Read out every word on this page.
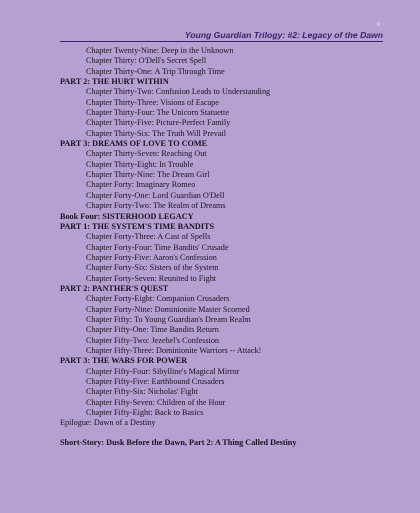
≡
Young Guardian Trilogy: #2: Legacy of the Dawn
Chapter Twenty-Nine: Deep in the Unknown
Chapter Thirty: O'Dell's Secret Spell
Chapter Thirty-One: A Trip Through Time
PART 2: THE HURT WITHIN
Chapter Thirty-Two: Confusion Leads to Understanding
Chapter Thirty-Three: Visions of Escape
Chapter Thirty-Four: The Unicorn Statuette
Chapter Thirty-Five: Picture-Perfect Family
Chapter Thirty-Six: The Truth Will Prevail
PART 3: DREAMS OF LOVE TO COME
Chapter Thirty-Seven: Reaching Out
Chapter Thirty-Eight: In Trouble
Chapter Thirty-Nine: The Dream Girl
Chapter Forty: Imaginary Romeo
Chapter Forty-One: Lord Guardian O'Dell
Chapter Forty-Two: The Realm of Dreams
Book Four: SISTERHOOD LEGACY
PART 1: THE SYSTEM'S TIME BANDITS
Chapter Forty-Three: A Cast of Spells
Chapter Forty-Four: Time Bandits' Crusade
Chapter Forty-Five: Aaron's Confession
Chapter Forty-Six: Sisters of the System
Chapter Forty-Seven: Reunited to Fight
PART 2: PANTHER'S QUEST
Chapter Forty-Eight: Companion Crusaders
Chapter Forty-Nine: Dominionite Master Scorned
Chapter Fifty: To Young Guardian's Dream Realm
Chapter Fifty-One: Time Bandits Return
Chapter Fifty-Two: Jezebel's Confession
Chapter Fifty-Three: Dominionite Warriors -- Attack!
PART 3: THE WARS FOR POWER
Chapter Fifty-Four: Sibylline's Magical Mirror
Chapter Fifty-Five: Earthbound Crusaders
Chapter Fifty-Six: Nicholas' Fight
Chapter Fifty-Seven: Children of the Hour
Chapter Fifty-Eight: Back to Basics
Epilogue: Dawn of a Destiny
Short-Story: Dusk Before the Dawn, Part 2: A Thing Called Destiny
